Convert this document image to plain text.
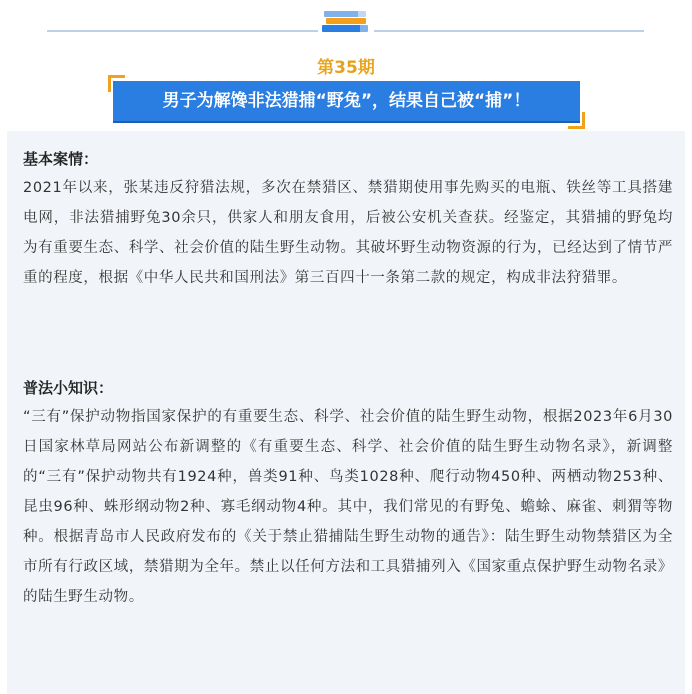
第35期
男子为解馋非法猎捕“野兔”，结果自己被“捕”！
基本案情：
2021年以来，张某违反狩猎法规，多次在禁猎区、禁猎期使用事先购买的电瓶、铁丝等工具搭建电网，非法猎捕野兔30余只，供家人和朋友食用，后被公安机关查获。经鉴定，其猎捕的野兔均为有重要生态、科学、社会价值的陆生野生动物。其破坏野生动物资源的行为，已经达到了情节严重的程度，根据《中华人民共和国刑法》第三百四十一条第二款的规定，构成非法狩猎罪。
普法小知识：
“三有”保护动物指国家保护的有重要生态、科学、社会价值的陆生野生动物，根据2023年6月30日国家林草局网站公布新调整的《有重要生态、科学、社会价值的陆生野生动物名录》，新调整的“三有”保护动物共有1924种，兽类91种、鸟类1028种、爬行动物450种、两栖动物253种、昆虫96种、蛛形纲动物2种、寡毛纲动物4种。其中，我们常见的有野兔、蟾蜍、麻雀、刺猬等物种。根据青岛市人民政府发布的《关于禁止猎捕陆生野生动物的通告》：陆生野生动物禁猎区为全市所有行政区域，禁猎期为全年。禁止以任何方法和工具猎捕列入《国家重点保护野生动物名录》的陆生野生动物。
